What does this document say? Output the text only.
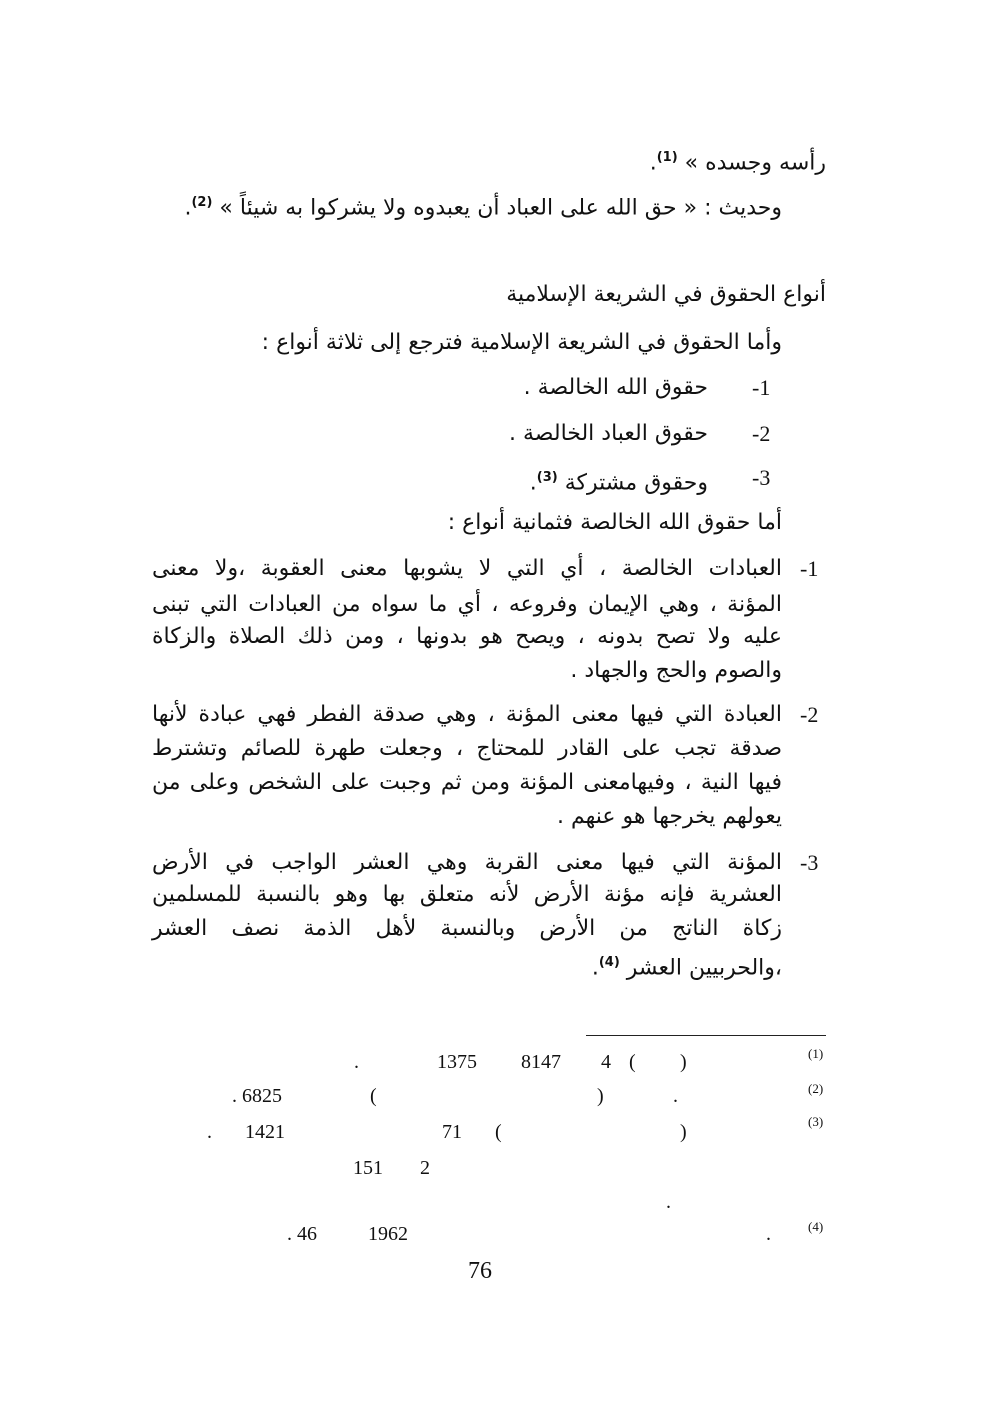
رأسه وجسده » $^{(1)}$.
وحديث : « حق الله على العباد أن يعبدوه ولا يشركوا به شيئاً » $^{(2)}$.
أنواع الحقوق في الشريعة الإسلامية
وأما الحقوق في الشريعة الإسلامية فترجع إلى ثلاثة أنواع :
-1
حقوق الله الخالصة .
-2
حقوق العباد الخالصة .
-3
وحقوق مشتركة $^{(3)}$.
أما حقوق الله الخالصة فثمانية أنواع :
-1
العبادات الخالصة ، أي التي لا يشوبها معنى العقوبة ،ولا معنى
المؤنة ، وهي الإيمان وفروعه ، أي ما سواه من العبادات التي تبنى
عليه ولا تصح بدونه ، ويصح هو بدونها ، ومن ذلك الصلاة والزكاة
والصوم والحج والجهاد .
-2
العبادة التي فيها معنى المؤنة ، وهي صدقة الفطر فهي عبادة لأنها
صدقة تجب على القادر للمحتاج ، وجعلت طهرة للصائم وتشترط
فيها النية ، وفيهامعنى المؤنة ومن ثم وجبت على الشخص وعلى من
يعولهم يخرجها هو عنهم .
-3
المؤنة التي فيها معنى القربة وهي العشر الواجب في الأرض
العشرية فإنه مؤنة الأرض لأنه متعلق بها وهو بالنسبة للمسلمين
زكاة الناتج من الأرض وبالنسبة لأهل الذمة نصف العشر
،والحربيين العشر $^{(4)}$.
(1)
)
(
4
8147
1375
.
(2)
.
)
(
. 6825
(3)
)
(
71
1421
.
2
151
.
(4)
.
1962
. 46
76
